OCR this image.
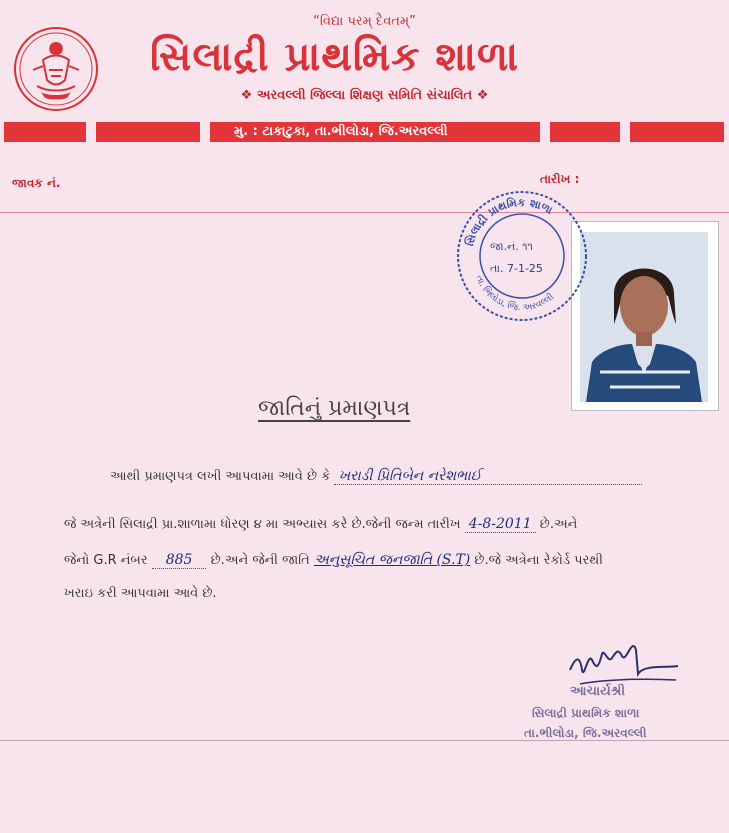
“વિદ્યા પરમ્ દૈવતમ્”
સિલાદ્રી પ્રાથમિક શાળા
❖ અરવલ્લી જિલ્લા શિક્ષણ સમિતિ સંચાલિત ❖
મુ. : ટાકાટુકા, તા.ભીલોડા, જિ.અરવલ્લી
જાવક નં.	તારીખ :
સિલાદ્રી પ્રાથમિક શાળા
તા. ભિલોડા, જિ. અરવલ્લી
જા.નં. ૧૧
તા. 7-1-25
જાતિનું પ્રમાણપત્ર
આથી પ્રમાણપત્ર લખી આપવામા આવે છે કે ખરાડી પ્રિતિબેન નરેશભાઈ
જે અત્રેની સિલાદ્રી પ્રા.શાળામા ધોરણ ૪ મા અભ્યાસ કરે છે.જેની જન્મ તારીખ 4-8-2011 છે.અને
જેનો G.R નંબર 885 છે.અને જેની જાતિ અનુસૂચિત જનજાતિ (S.T) છે.જે અત્રેના રેકોર્ડ પરથી
ખરાઇ કરી આપવામા આવે છે.
આચાર્યશ્રી
સિલાદ્રી પ્રાથમિક શાળા
તા.ભીલોડા, જિ.અરવલ્લી
